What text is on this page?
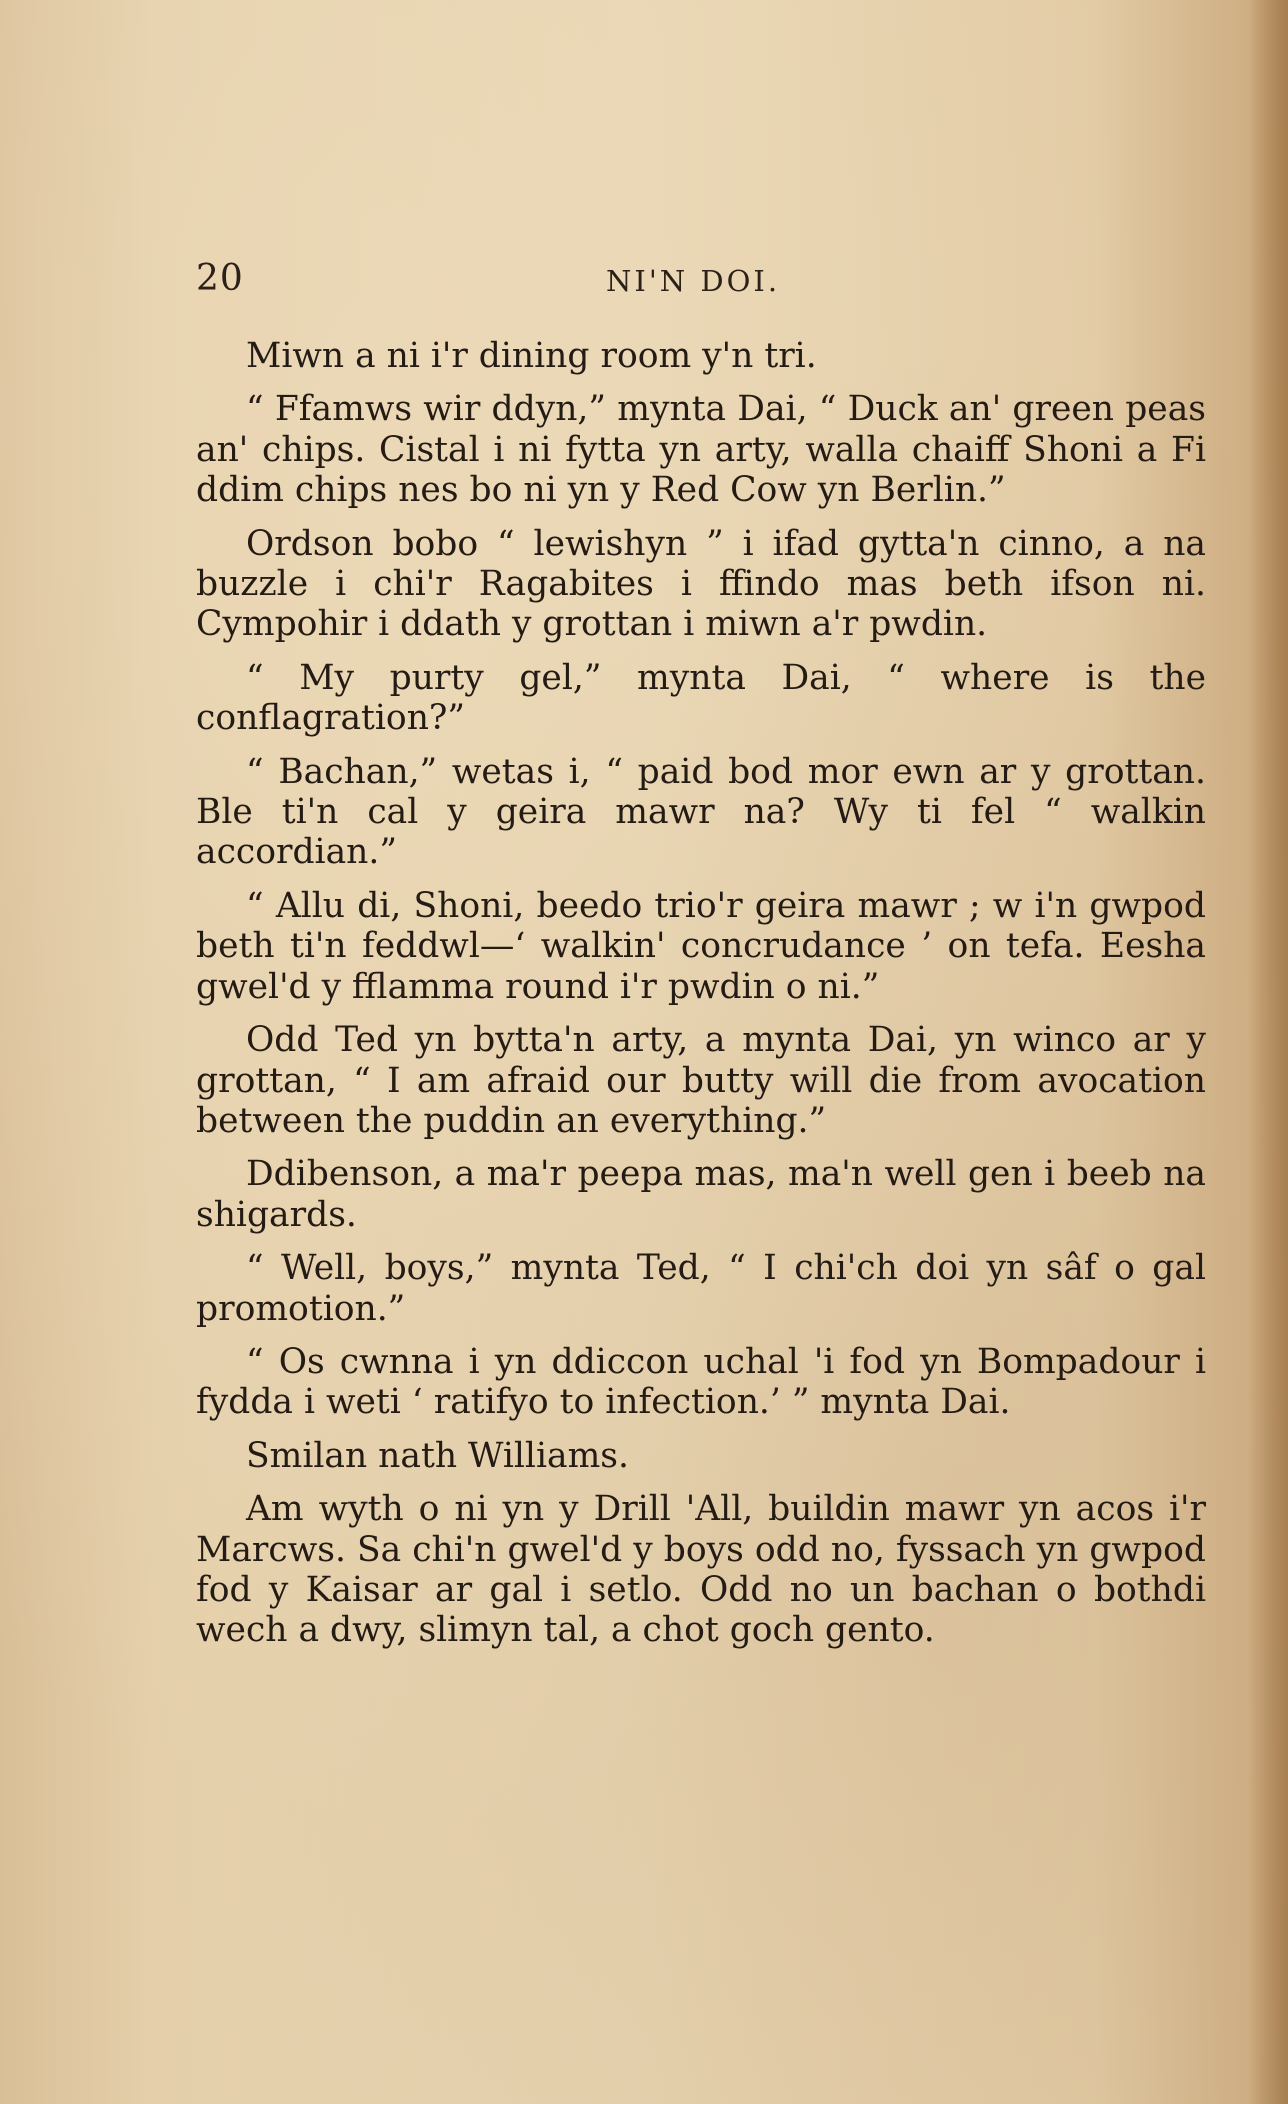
20	NI'N DOI.

Miwn a ni i'r dining room y'n tri.

“ Ffamws wir ddyn,” mynta Dai, “ Duck an' green peas an' chips. Cistal i ni fytta yn arty, walla chaiff Shoni a Fi ddim chips nes bo ni yn y Red Cow yn Berlin.”

Ordson bobo “ lewishyn ” i ifad gytta'n cinno, a na buzzle i chi'r Ragabites i ffindo mas beth ifson ni. Cympohir i ddath y grottan i miwn a'r pwdin.

“ My purty gel,” mynta Dai, “ where is the conflagration?”

“ Bachan,” wetas i, “ paid bod mor ewn ar y grottan. Ble ti'n cal y geira mawr na? Wy ti fel “ walkin accordian.”

“ Allu di, Shoni, beedo trio'r geira mawr ; w i'n gwpod beth ti'n feddwl—‘ walkin' concrudance ’ on tefa. Eesha gwel'd y fflamma round i'r pwdin o ni.”

Odd Ted yn bytta'n arty, a mynta Dai, yn winco ar y grottan, “ I am afraid our butty will die from avocation between the puddin an everything.”

Ddibenson, a ma'r peepa mas, ma'n well gen i beeb na shigards.

“ Well, boys,” mynta Ted, “ I chi'ch doi yn sâf o gal promotion.”

“ Os cwnna i yn ddiccon uchal 'i fod yn Bompadour i fydda i weti ‘ ratifyo to infection.’ ” mynta Dai.

Smilan nath Williams.

Am wyth o ni yn y Drill 'All, buildin mawr yn acos i'r Marcws. Sa chi'n gwel'd y boys odd no, fyssach yn gwpod fod y Kaisar ar gal i setlo. Odd no un bachan o bothdi wech a dwy, slimyn tal, a chot goch gento.
